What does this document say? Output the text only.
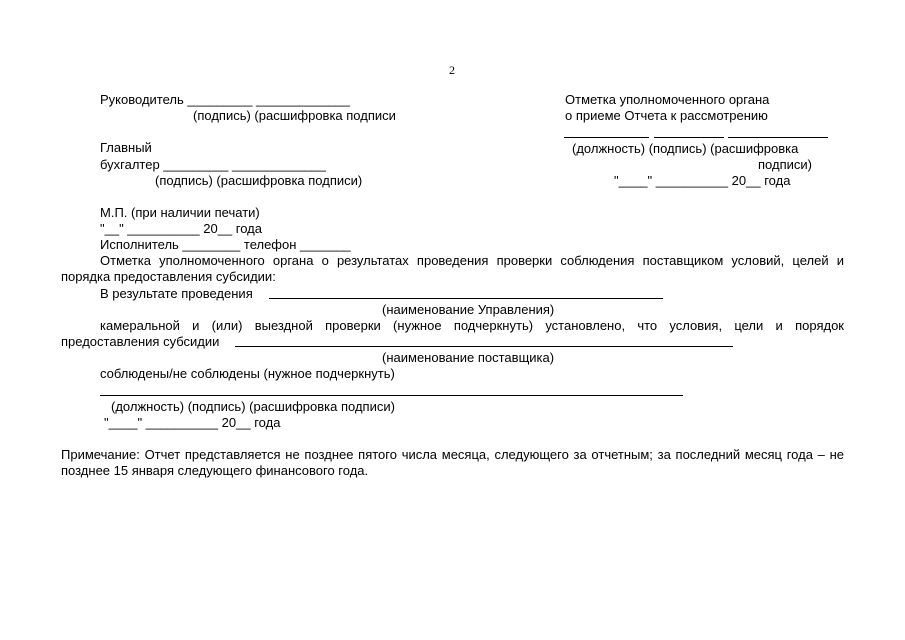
2
Руководитель _________ _____________
(подпись) (расшифровка подписи
Главный
бухгалтер _________ _____________
(подпись) (расшифровка подписи)
Отметка уполномоченного органа
о приеме Отчета к рассмотрению
(должность) (подпись) (расшифровка
подписи)
"____" __________ 20__ года
М.П. (при наличии печати)
"__" __________ 20__ года
Исполнитель ________ телефон _______
Отметка уполномоченного органа о результатах проведения проверки соблюдения поставщиком условий, целей и порядка предоставления субсидии:
В результате проведения
(наименование Управления)
камеральной и (или) выездной проверки (нужное подчеркнуть) установлено, что условия, цели и порядок
предоставления субсидии
(наименование поставщика)
соблюдены/не соблюдены (нужное подчеркнуть)
(должность) (подпись) (расшифровка подписи)
"____" __________ 20__ года
Примечание: Отчет представляется не позднее пятого числа месяца, следующего за отчетным; за последний месяц года – не позднее 15 января следующего финансового года.
